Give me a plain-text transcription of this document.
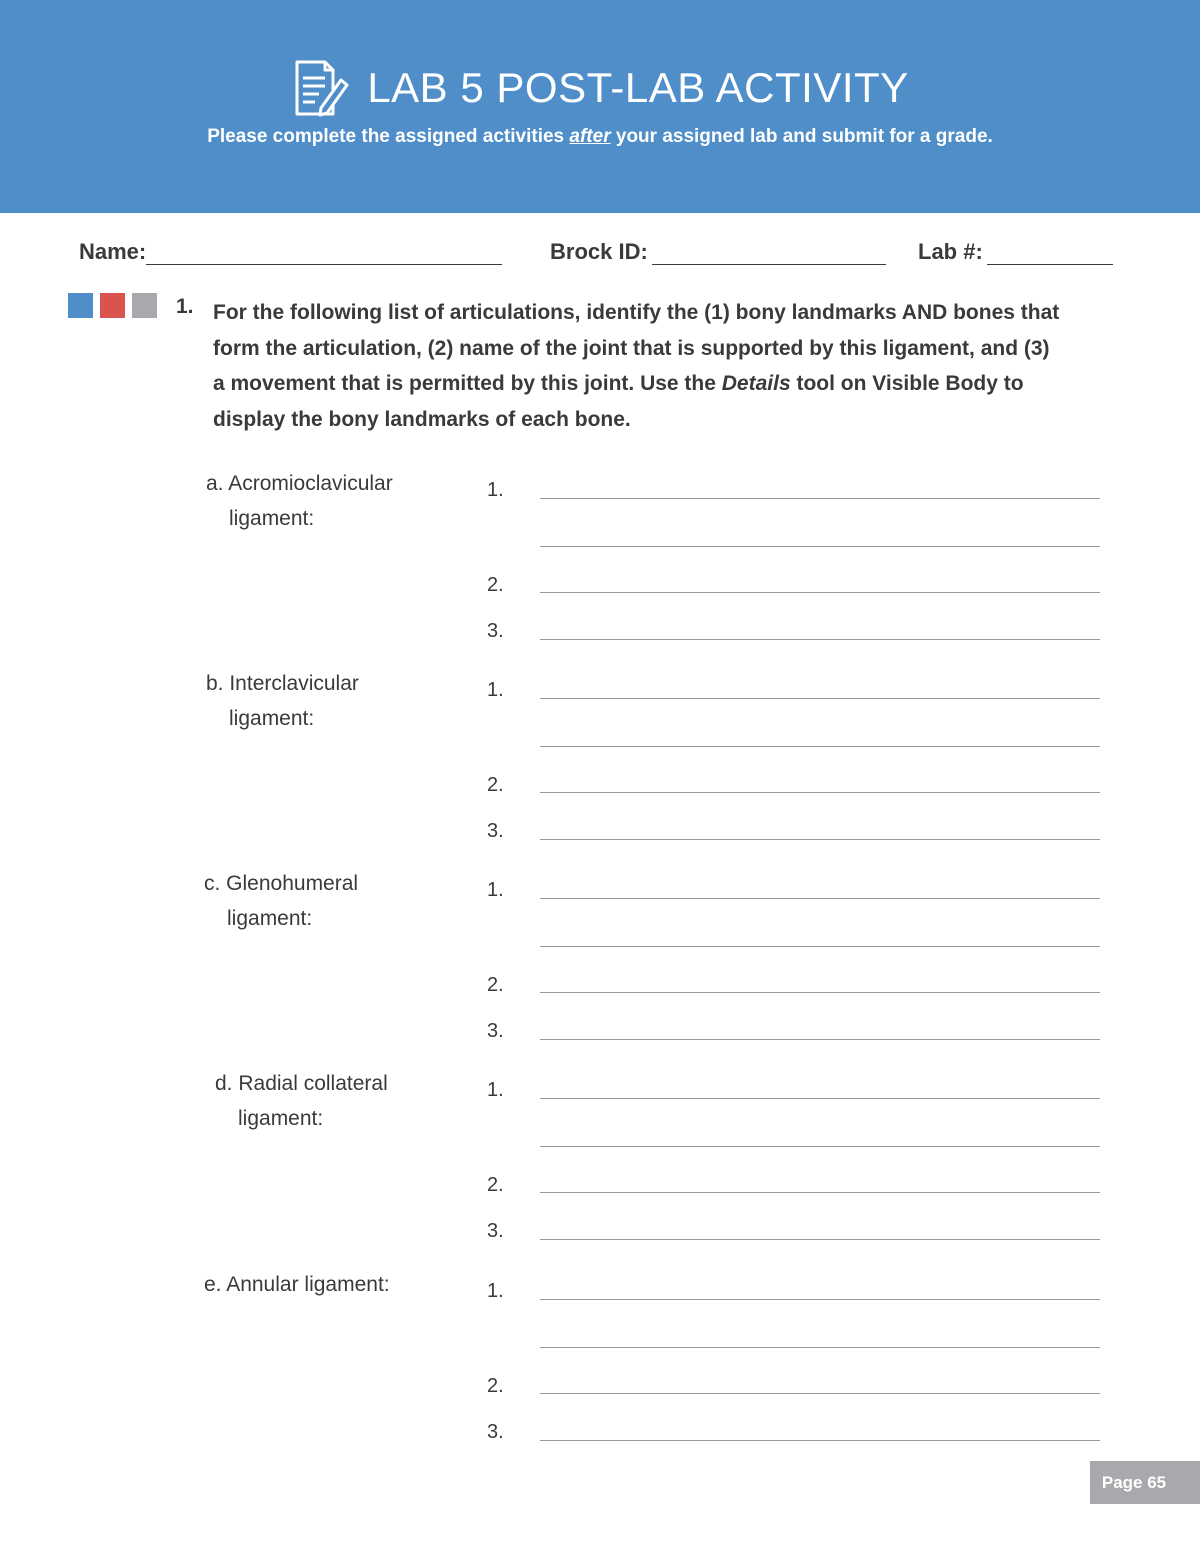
LAB 5 POST-LAB ACTIVITY
Please complete the assigned activities after your assigned lab and submit for a grade.
Name:	Brock ID:	Lab #:
1. For the following list of articulations, identify the (1) bony landmarks AND bones that form the articulation, (2) name of the joint that is supported by this ligament, and (3) a movement that is permitted by this joint. Use the Details tool on Visible Body to display the bony landmarks of each bone.
a. Acromioclavicular
ligament:
1.
2.
3.
b. Interclavicular
ligament:
1.
2.
3.
c. Glenohumeral
ligament:
1.
2.
3.
d. Radial collateral
ligament:
1.
2.
3.
e. Annular ligament:	1.
2.
3.
Page 65
